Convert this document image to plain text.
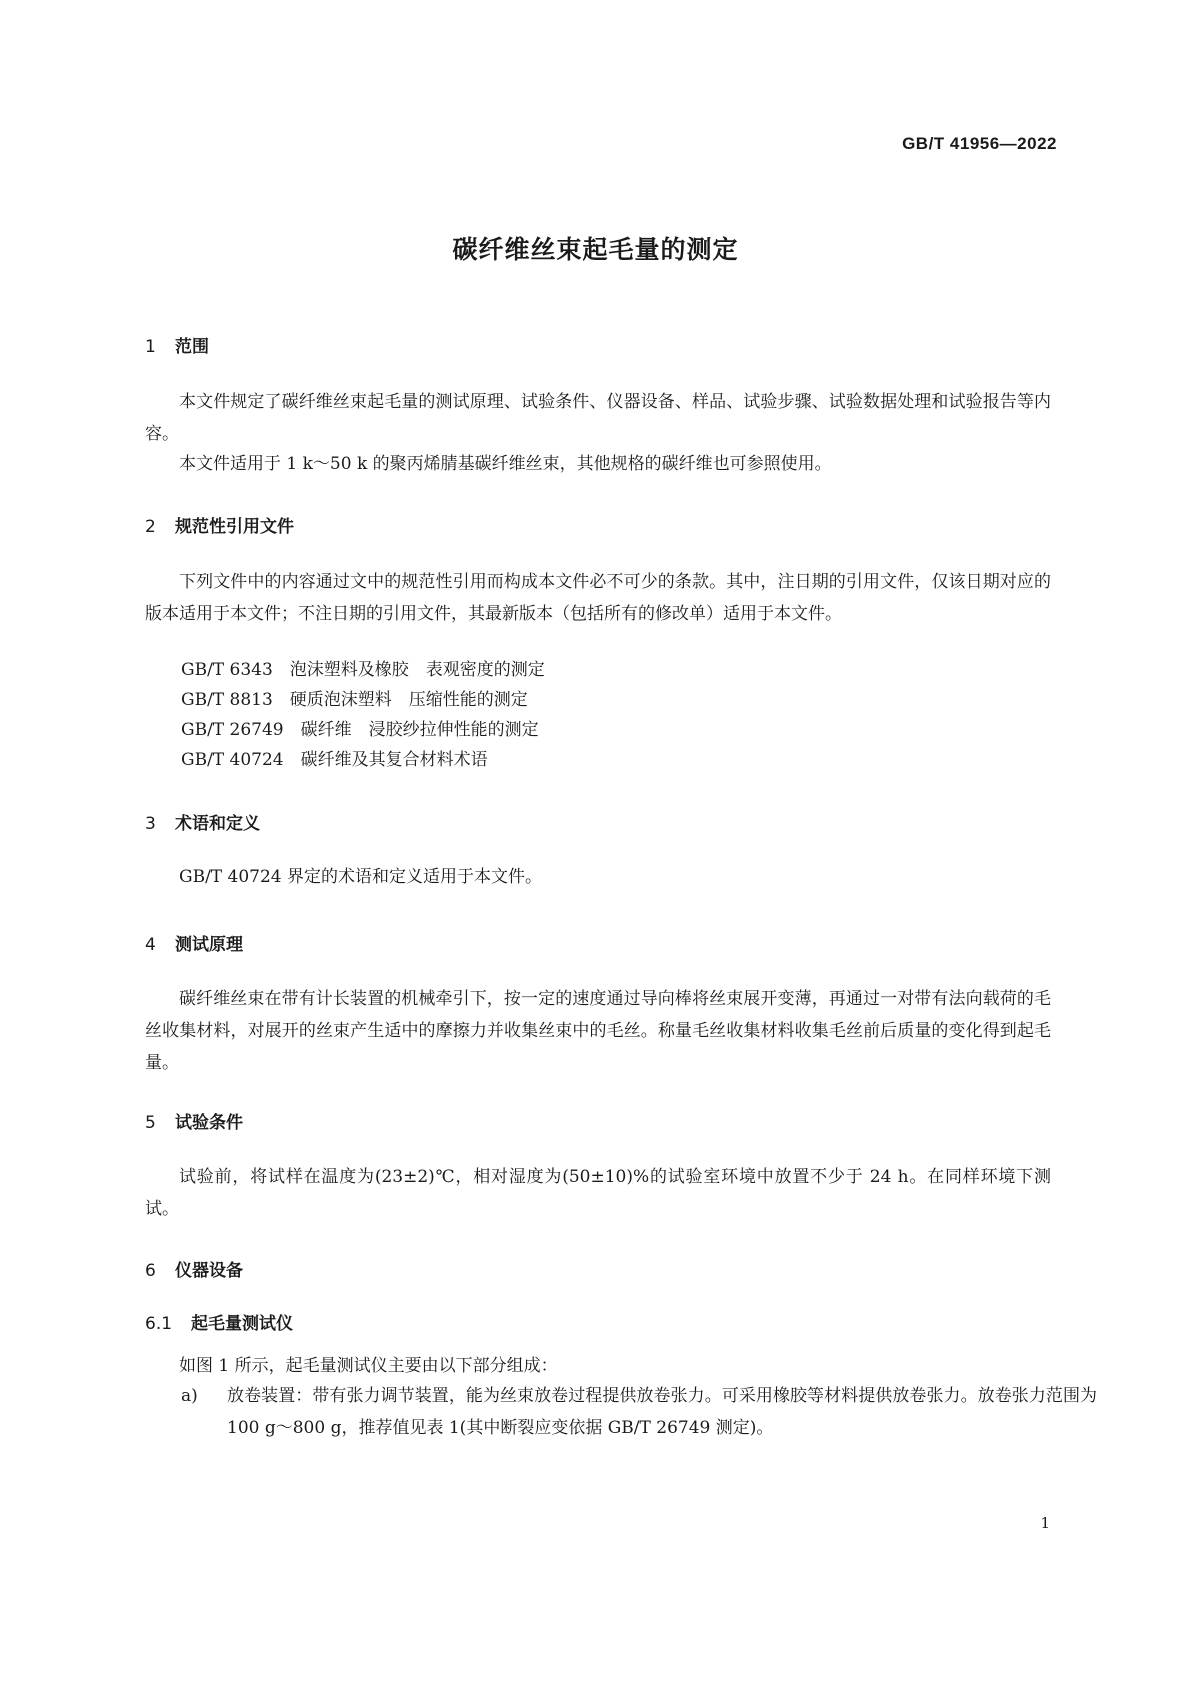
GB/T 41956—2022
碳纤维丝束起毛量的测定
1 范围

本文件规定了碳纤维丝束起毛量的测试原理、试验条件、仪器设备、样品、试验步骤、试验数据处理和试验报告等内容。

本文件适用于 1 k～50 k 的聚丙烯腈基碳纤维丝束，其他规格的碳纤维也可参照使用。

2 规范性引用文件

下列文件中的内容通过文中的规范性引用而构成本文件必不可少的条款。其中，注日期的引用文件，仅该日期对应的版本适用于本文件；不注日期的引用文件，其最新版本（包括所有的修改单）适用于本文件。

GB/T 6343　泡沫塑料及橡胶　表观密度的测定
GB/T 8813　硬质泡沫塑料　压缩性能的测定
GB/T 26749　碳纤维　浸胶纱拉伸性能的测定
GB/T 40724　碳纤维及其复合材料术语
3 术语和定义

GB/T 40724 界定的术语和定义适用于本文件。

4 测试原理

碳纤维丝束在带有计长装置的机械牵引下，按一定的速度通过导向棒将丝束展开变薄，再通过一对带有法向载荷的毛丝收集材料，对展开的丝束产生适中的摩擦力并收集丝束中的毛丝。称量毛丝收集材料收集毛丝前后质量的变化得到起毛量。

5 试验条件

试验前，将试样在温度为(23±2)℃，相对湿度为(50±10)%的试验室环境中放置不少于 24 h。在同样环境下测试。

6 仪器设备
6.1 起毛量测试仪

如图 1 所示，起毛量测试仪主要由以下部分组成：

a) 放卷装置：带有张力调节装置，能为丝束放卷过程提供放卷张力。可采用橡胶等材料提供放卷张力。放卷张力范围为 100 g～800 g，推荐值见表 1(其中断裂应变依据 GB/T 26749 测定)。

1
